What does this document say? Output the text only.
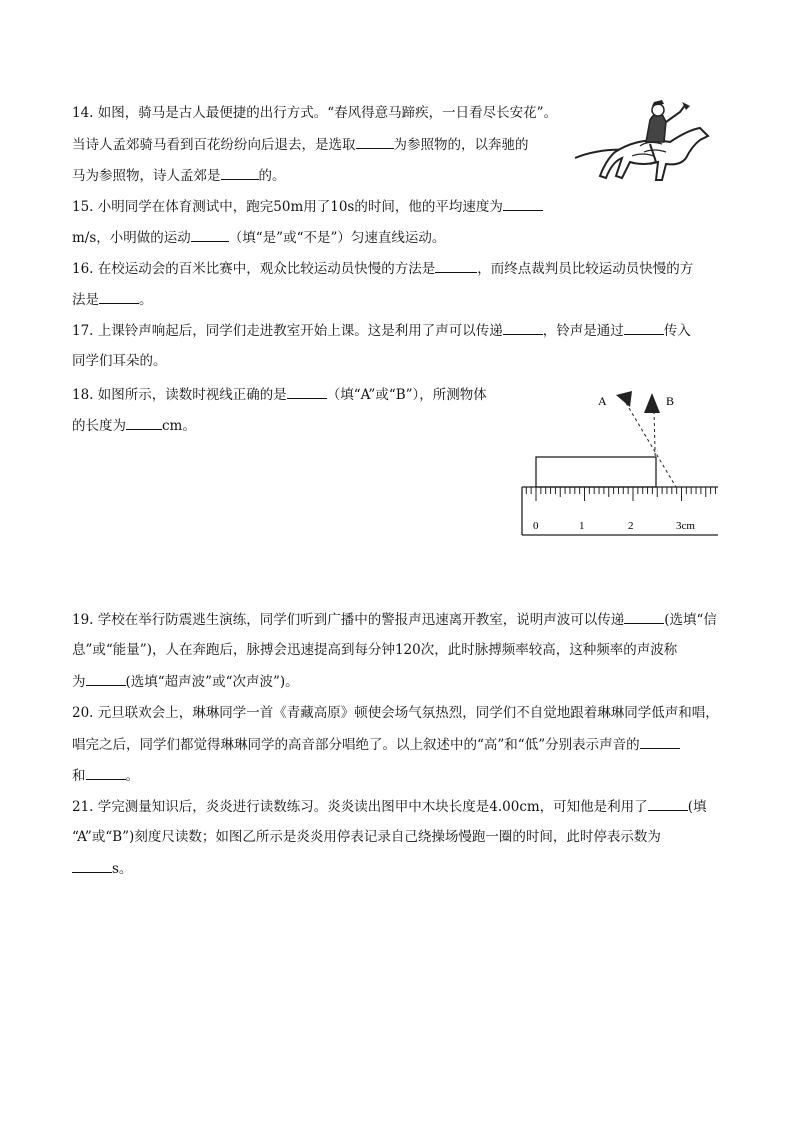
14. 如图，骑马是古人最便捷的出行方式。“春风得意马蹄疾，一日看尽长安花”。
当诗人孟郊骑马看到百花纷纷向后退去，是选取	为参照物的，以奔驰的
马为参照物，诗人孟郊是	的。
15. 小明同学在体育测试中，跑完50m用了10s的时间，他的平均速度为
m/s，小明做的运动	（填“是”或“不是”）匀速直线运动。
16. 在校运动会的百米比赛中，观众比较运动员快慢的方法是	，而终点裁判员比较运动员快慢的方
法是	。
17. 上课铃声响起后，同学们走进教室开始上课。这是利用了声可以传递	，铃声是通过	传入
同学们耳朵的。
18. 如图所示，读数时视线正确的是	（填“A”或“B”），所测物体
的长度为	cm。
A	B
0	1	2	3cm
19. 学校在举行防震逃生演练，同学们听到广播中的警报声迅速离开教室，说明声波可以传递	(选填“信
息”或“能量”)，人在奔跑后，脉搏会迅速提高到每分钟120次，此时脉搏频率较高，这种频率的声波称
为	(选填“超声波”或“次声波”)。
20. 元旦联欢会上，琳琳同学一首《青藏高原》顿使会场气氛热烈，同学们不自觉地跟着琳琳同学低声和唱，
唱完之后，同学们都觉得琳琳同学的高音部分唱绝了。以上叙述中的“高”和“低”分别表示声音的
和	。
21. 学完测量知识后，炎炎进行读数练习。炎炎读出图甲中木块长度是4.00cm，可知他是利用了	(填
“A”或“B”)刻度尺读数；如图乙所示是炎炎用停表记录自己绕操场慢跑一圈的时间，此时停表示数为
s。
